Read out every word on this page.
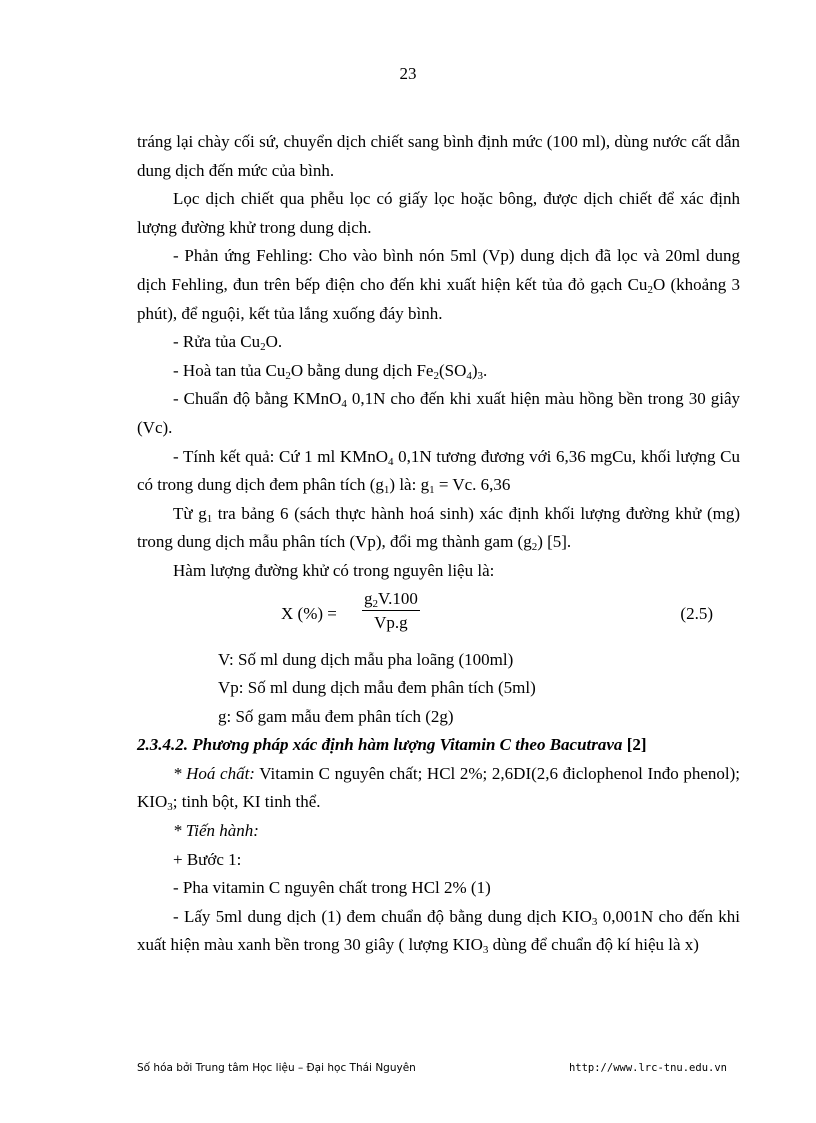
23

tráng lại chày cối sứ, chuyển dịch chiết sang bình định mức (100 ml), dùng nước cất dẫn dung dịch đến mức của bình.

Lọc dịch chiết qua phễu lọc có giấy lọc hoặc bông, được dịch chiết để xác định lượng đường khử trong dung dịch.

- Phản ứng Fehling: Cho vào bình nón 5ml (Vp) dung dịch đã lọc và 20ml dung dịch Fehling, đun trên bếp điện cho đến khi xuất hiện kết tủa đỏ gạch $Cu_2O$ (khoảng 3 phút), để nguội, kết tủa lắng xuống đáy bình.

- Rửa tủa $Cu_2O$.

- Hoà tan tủa $Cu_2O$ bằng dung dịch $Fe_2(SO_4)_3$.

- Chuẩn độ bằng KMnO$_4$ 0,1N cho đến khi xuất hiện màu hồng bền trong 30 giây (Vc).

- Tính kết quả: Cứ 1 ml KMnO$_4$ 0,1N tương đương với 6,36 mgCu, khối lượng Cu có trong dung dịch đem phân tích $(g_1)$ là: $g_1 = Vc$. 6,36

Từ $g_1$ tra bảng 6 (sách thực hành hoá sinh) xác định khối lượng đường khử (mg) trong dung dịch mẫu phân tích (Vp), đổi mg thành gam $(g_2)$ [5].

Hàm lượng đường khử có trong nguyên liệu là:

X (%) = $\frac{g_2V.100}{Vp.g}$	(2.5)

V: Số ml dung dịch mẫu pha loãng (100ml)

Vp: Số ml dung dịch mẫu đem phân tích (5ml)

g: Số gam mẫu đem phân tích (2g)

2.3.4.2. Phương pháp xác định hàm lượng Vitamin C theo Bacutrava [2]

* Hoá chất: Vitamin C nguyên chất; HCl 2%; 2,6DI(2,6 điclophenol Inđo phenol); $KIO_3$; tinh bột, KI tinh thể.

* Tiến hành:

+ Bước 1:

- Pha vitamin C nguyên chất trong HCl 2% (1)

- Lấy 5ml dung dịch (1) đem chuẩn độ bằng dung dịch $KIO_3$ 0,001N cho đến khi xuất hiện màu xanh bền trong 30 giây ( lượng $KIO_3$ dùng để chuẩn độ kí hiệu là x)

Số hóa bởi Trung tâm Học liệu – Đại học Thái Nguyên	http://www.lrc-tnu.edu.vn
